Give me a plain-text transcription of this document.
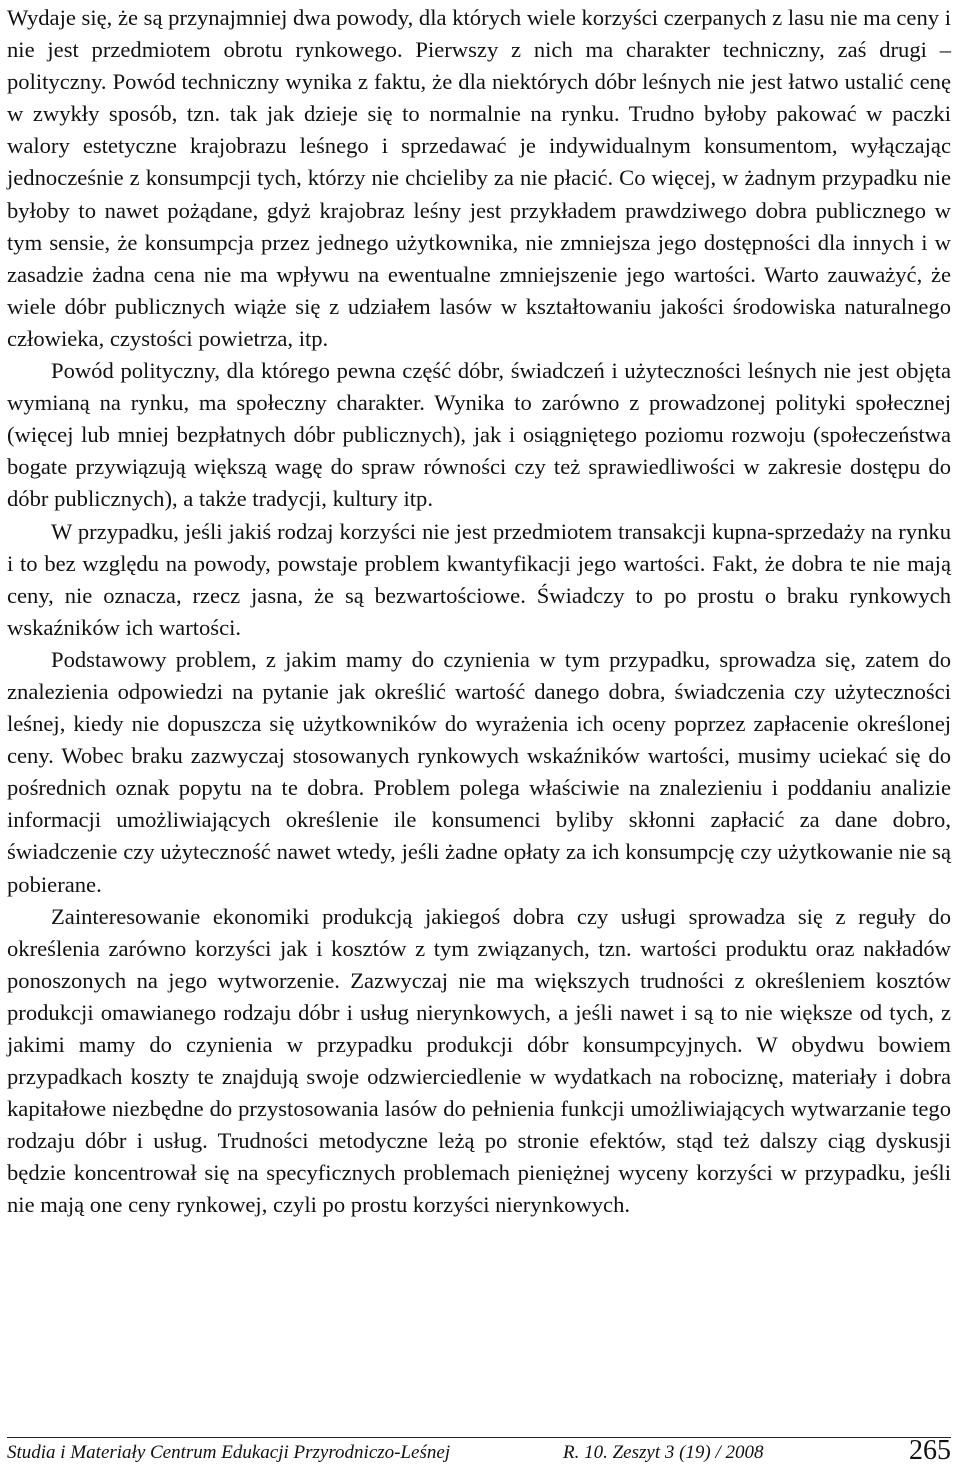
Wydaje się, że są przynajmniej dwa powody, dla których wiele korzyści czerpanych z lasu nie ma ceny i nie jest przedmiotem obrotu rynkowego. Pierwszy z nich ma charakter techniczny, zaś drugi – polityczny. Powód techniczny wynika z faktu, że dla niektórych dóbr leśnych nie jest łatwo ustalić cenę w zwykły sposób, tzn. tak jak dzieje się to normalnie na rynku. Trudno byłoby pakować w paczki walory estetyczne krajobrazu leśnego i sprzedawać je indywidualnym konsumentom, wyłączając jednocześnie z konsumpcji tych, którzy nie chcieliby za nie płacić. Co więcej, w żadnym przypadku nie byłoby to nawet pożądane, gdyż krajobraz leśny jest przykładem prawdziwego dobra publicznego w tym sensie, że konsumpcja przez jednego użytkownika, nie zmniejsza jego dostępności dla innych i w zasadzie żadna cena nie ma wpływu na ewentualne zmniejszenie jego wartości. Warto zauważyć, że wiele dóbr publicznych wiąże się z udziałem lasów w kształtowaniu jakości środowiska naturalnego człowieka, czystości powietrza, itp.

Powód polityczny, dla którego pewna część dóbr, świadczeń i użyteczności leśnych nie jest objęta wymianą na rynku, ma społeczny charakter. Wynika to zarówno z prowadzonej polityki społecznej (więcej lub mniej bezpłatnych dóbr publicznych), jak i osiągniętego poziomu rozwoju (społeczeństwa bogate przywiązują większą wagę do spraw równości czy też sprawiedliwości w zakresie dostępu do dóbr publicznych), a także tradycji, kultury itp.

W przypadku, jeśli jakiś rodzaj korzyści nie jest przedmiotem transakcji kupna-sprzedaży na rynku i to bez względu na powody, powstaje problem kwantyfikacji jego wartości. Fakt, że dobra te nie mają ceny, nie oznacza, rzecz jasna, że są bezwartościowe. Świadczy to po prostu o braku rynkowych wskaźników ich wartości.

Podstawowy problem, z jakim mamy do czynienia w tym przypadku, sprowadza się, zatem do znalezienia odpowiedzi na pytanie jak określić wartość danego dobra, świadczenia czy użyteczności leśnej, kiedy nie dopuszcza się użytkowników do wyrażenia ich oceny poprzez zapłacenie określonej ceny. Wobec braku zazwyczaj stosowanych rynkowych wskaźników wartości, musimy uciekać się do pośrednich oznak popytu na te dobra. Problem polega właściwie na znalezieniu i poddaniu analizie informacji umożliwiających określenie ile konsumenci byliby skłonni zapłacić za dane dobro, świadczenie czy użyteczność nawet wtedy, jeśli żadne opłaty za ich konsumpcję czy użytkowanie nie są pobierane.

Zainteresowanie ekonomiki produkcją jakiegoś dobra czy usługi sprowadza się z reguły do określenia zarówno korzyści jak i kosztów z tym związanych, tzn. wartości produktu oraz nakładów ponoszonych na jego wytworzenie. Zazwyczaj nie ma większych trudności z określeniem kosztów produkcji omawianego rodzaju dóbr i usług nierynkowych, a jeśli nawet i są to nie większe od tych, z jakimi mamy do czynienia w przypadku produkcji dóbr konsumpcyjnych. W obydwu bowiem przypadkach koszty te znajdują swoje odzwierciedlenie w wydatkach na robociznę, materiały i dobra kapitałowe niezbędne do przystosowania lasów do pełnienia funkcji umożliwiających wytwarzanie tego rodzaju dóbr i usług. Trudności metodyczne leżą po stronie efektów, stąd też dalszy ciąg dyskusji będzie koncentrował się na specyficznych problemach pieniężnej wyceny korzyści w przypadku, jeśli nie mają one ceny rynkowej, czyli po prostu korzyści nierynkowych.

Studia i Materiały Centrum Edukacji Przyrodniczo-Leśnej	R. 10. Zeszyt 3 (19) / 2008	265
